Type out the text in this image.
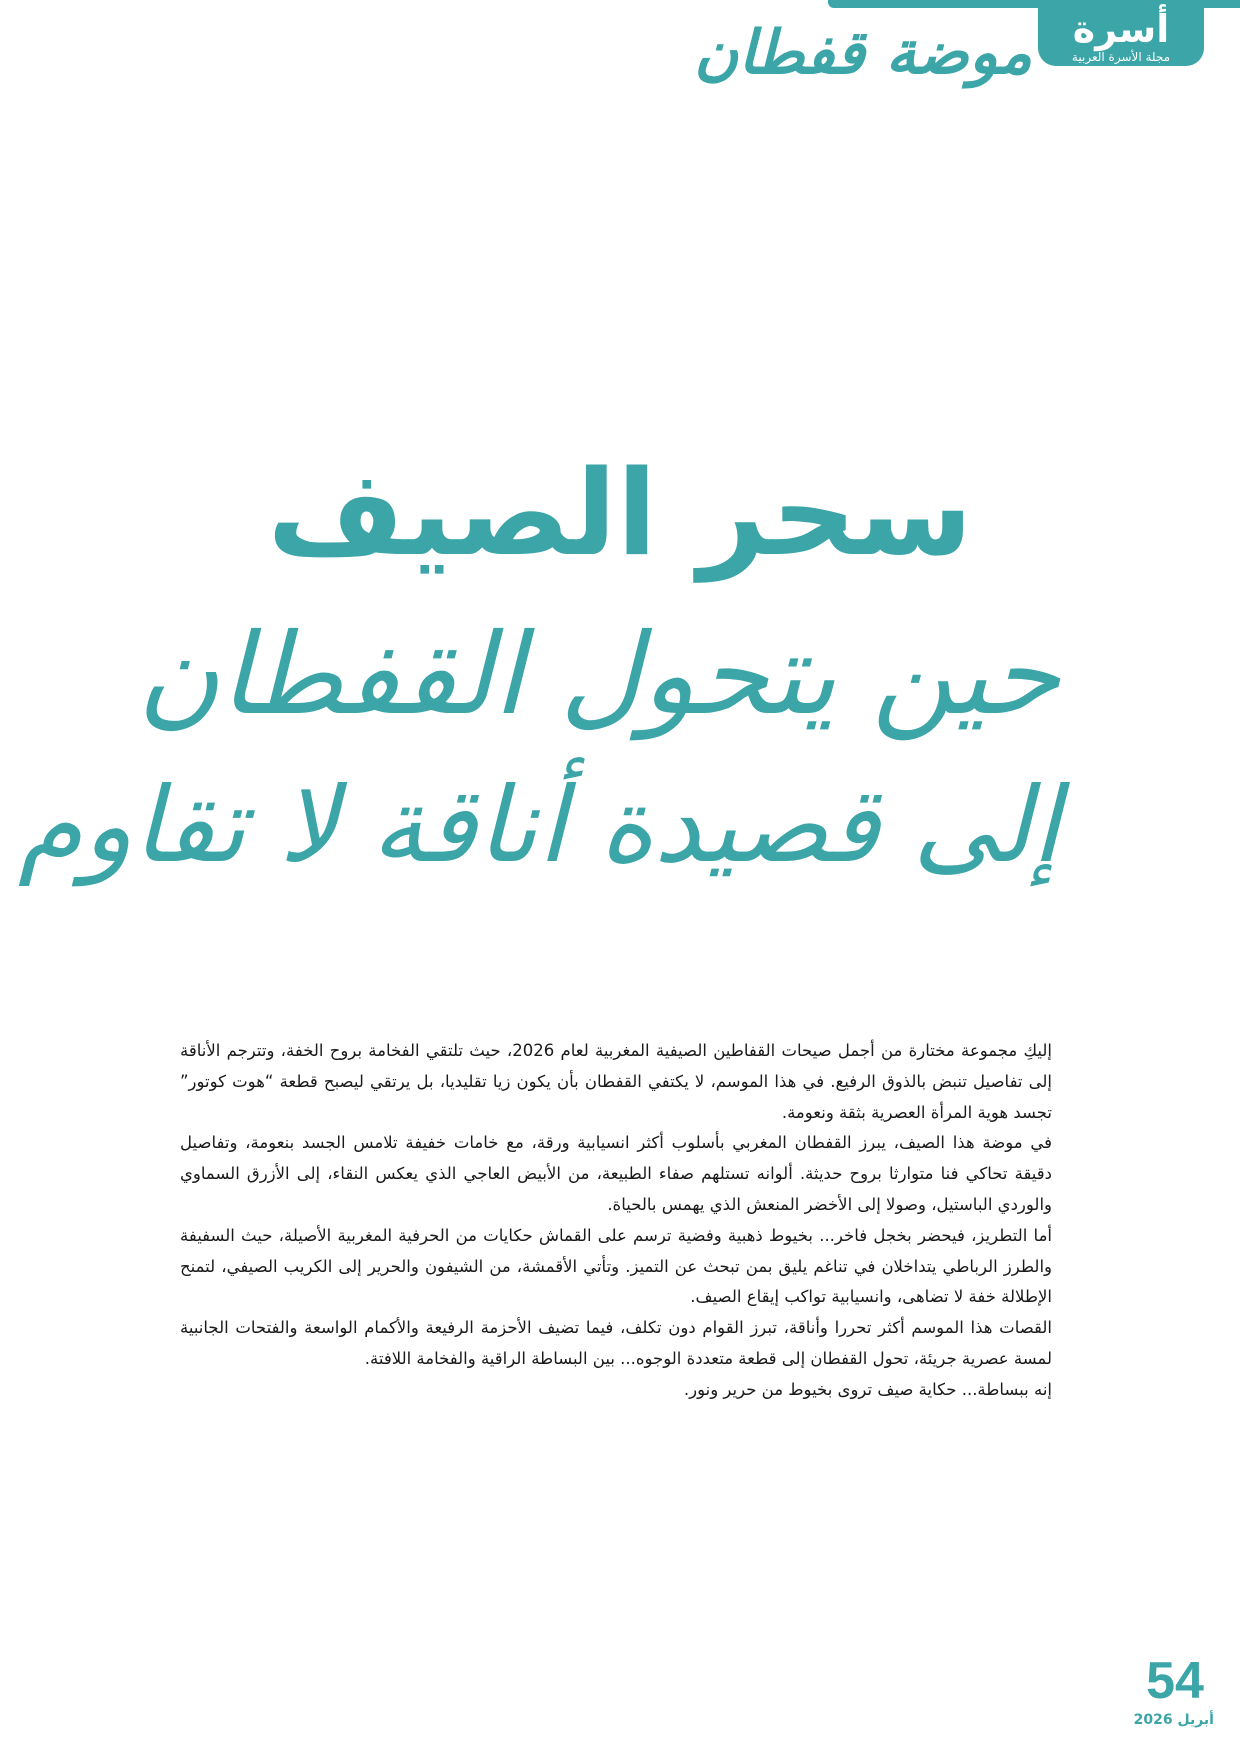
أسرة
مجلة الأسرة العربية
موضة قفطان
سحر الصيف
حين يتحول القفطان
إلى قصيدة أناقة لا تقاوم

إليكِ مجموعة مختارة من أجمل صيحات القفاطين الصيفية المغربية لعام 2026، حيث تلتقي الفخامة بروح الخفة، وتترجم الأناقة إلى تفاصيل تنبض بالذوق الرفيع. في هذا الموسم، لا يكتفي القفطان بأن يكون زيا تقليديا، بل يرتقي ليصبح قطعة “هوت كوتور” تجسد هوية المرأة العصرية بثقة ونعومة.

في موضة هذا الصيف، يبرز القفطان المغربي بأسلوب أكثر انسيابية ورقة، مع خامات خفيفة تلامس الجسد بنعومة، وتفاصيل دقيقة تحاكي فنا متوارثا بروح حديثة. ألوانه تستلهم صفاء الطبيعة، من الأبيض العاجي الذي يعكس النقاء، إلى الأزرق السماوي والوردي الباستيل، وصولا إلى الأخضر المنعش الذي يهمس بالحياة.

أما التطريز، فيحضر بخجل فاخر... بخيوط ذهبية وفضية ترسم على القماش حكايات من الحرفية المغربية الأصيلة، حيث السفيفة والطرز الرباطي يتداخلان في تناغم يليق بمن تبحث عن التميز. وتأتي الأقمشة، من الشيفون والحرير إلى الكريب الصيفي، لتمنح الإطلالة خفة لا تضاهى، وانسيابية تواكب إيقاع الصيف.

القصات هذا الموسم أكثر تحررا وأناقة، تبرز القوام دون تكلف، فيما تضيف الأحزمة الرفيعة والأكمام الواسعة والفتحات الجانبية لمسة عصرية جريئة، تحول القفطان إلى قطعة متعددة الوجوه... بين البساطة الراقية والفخامة اللافتة.

إنه ببساطة... حكاية صيف تروى بخيوط من حرير ونور.

54
أبريل 2026
